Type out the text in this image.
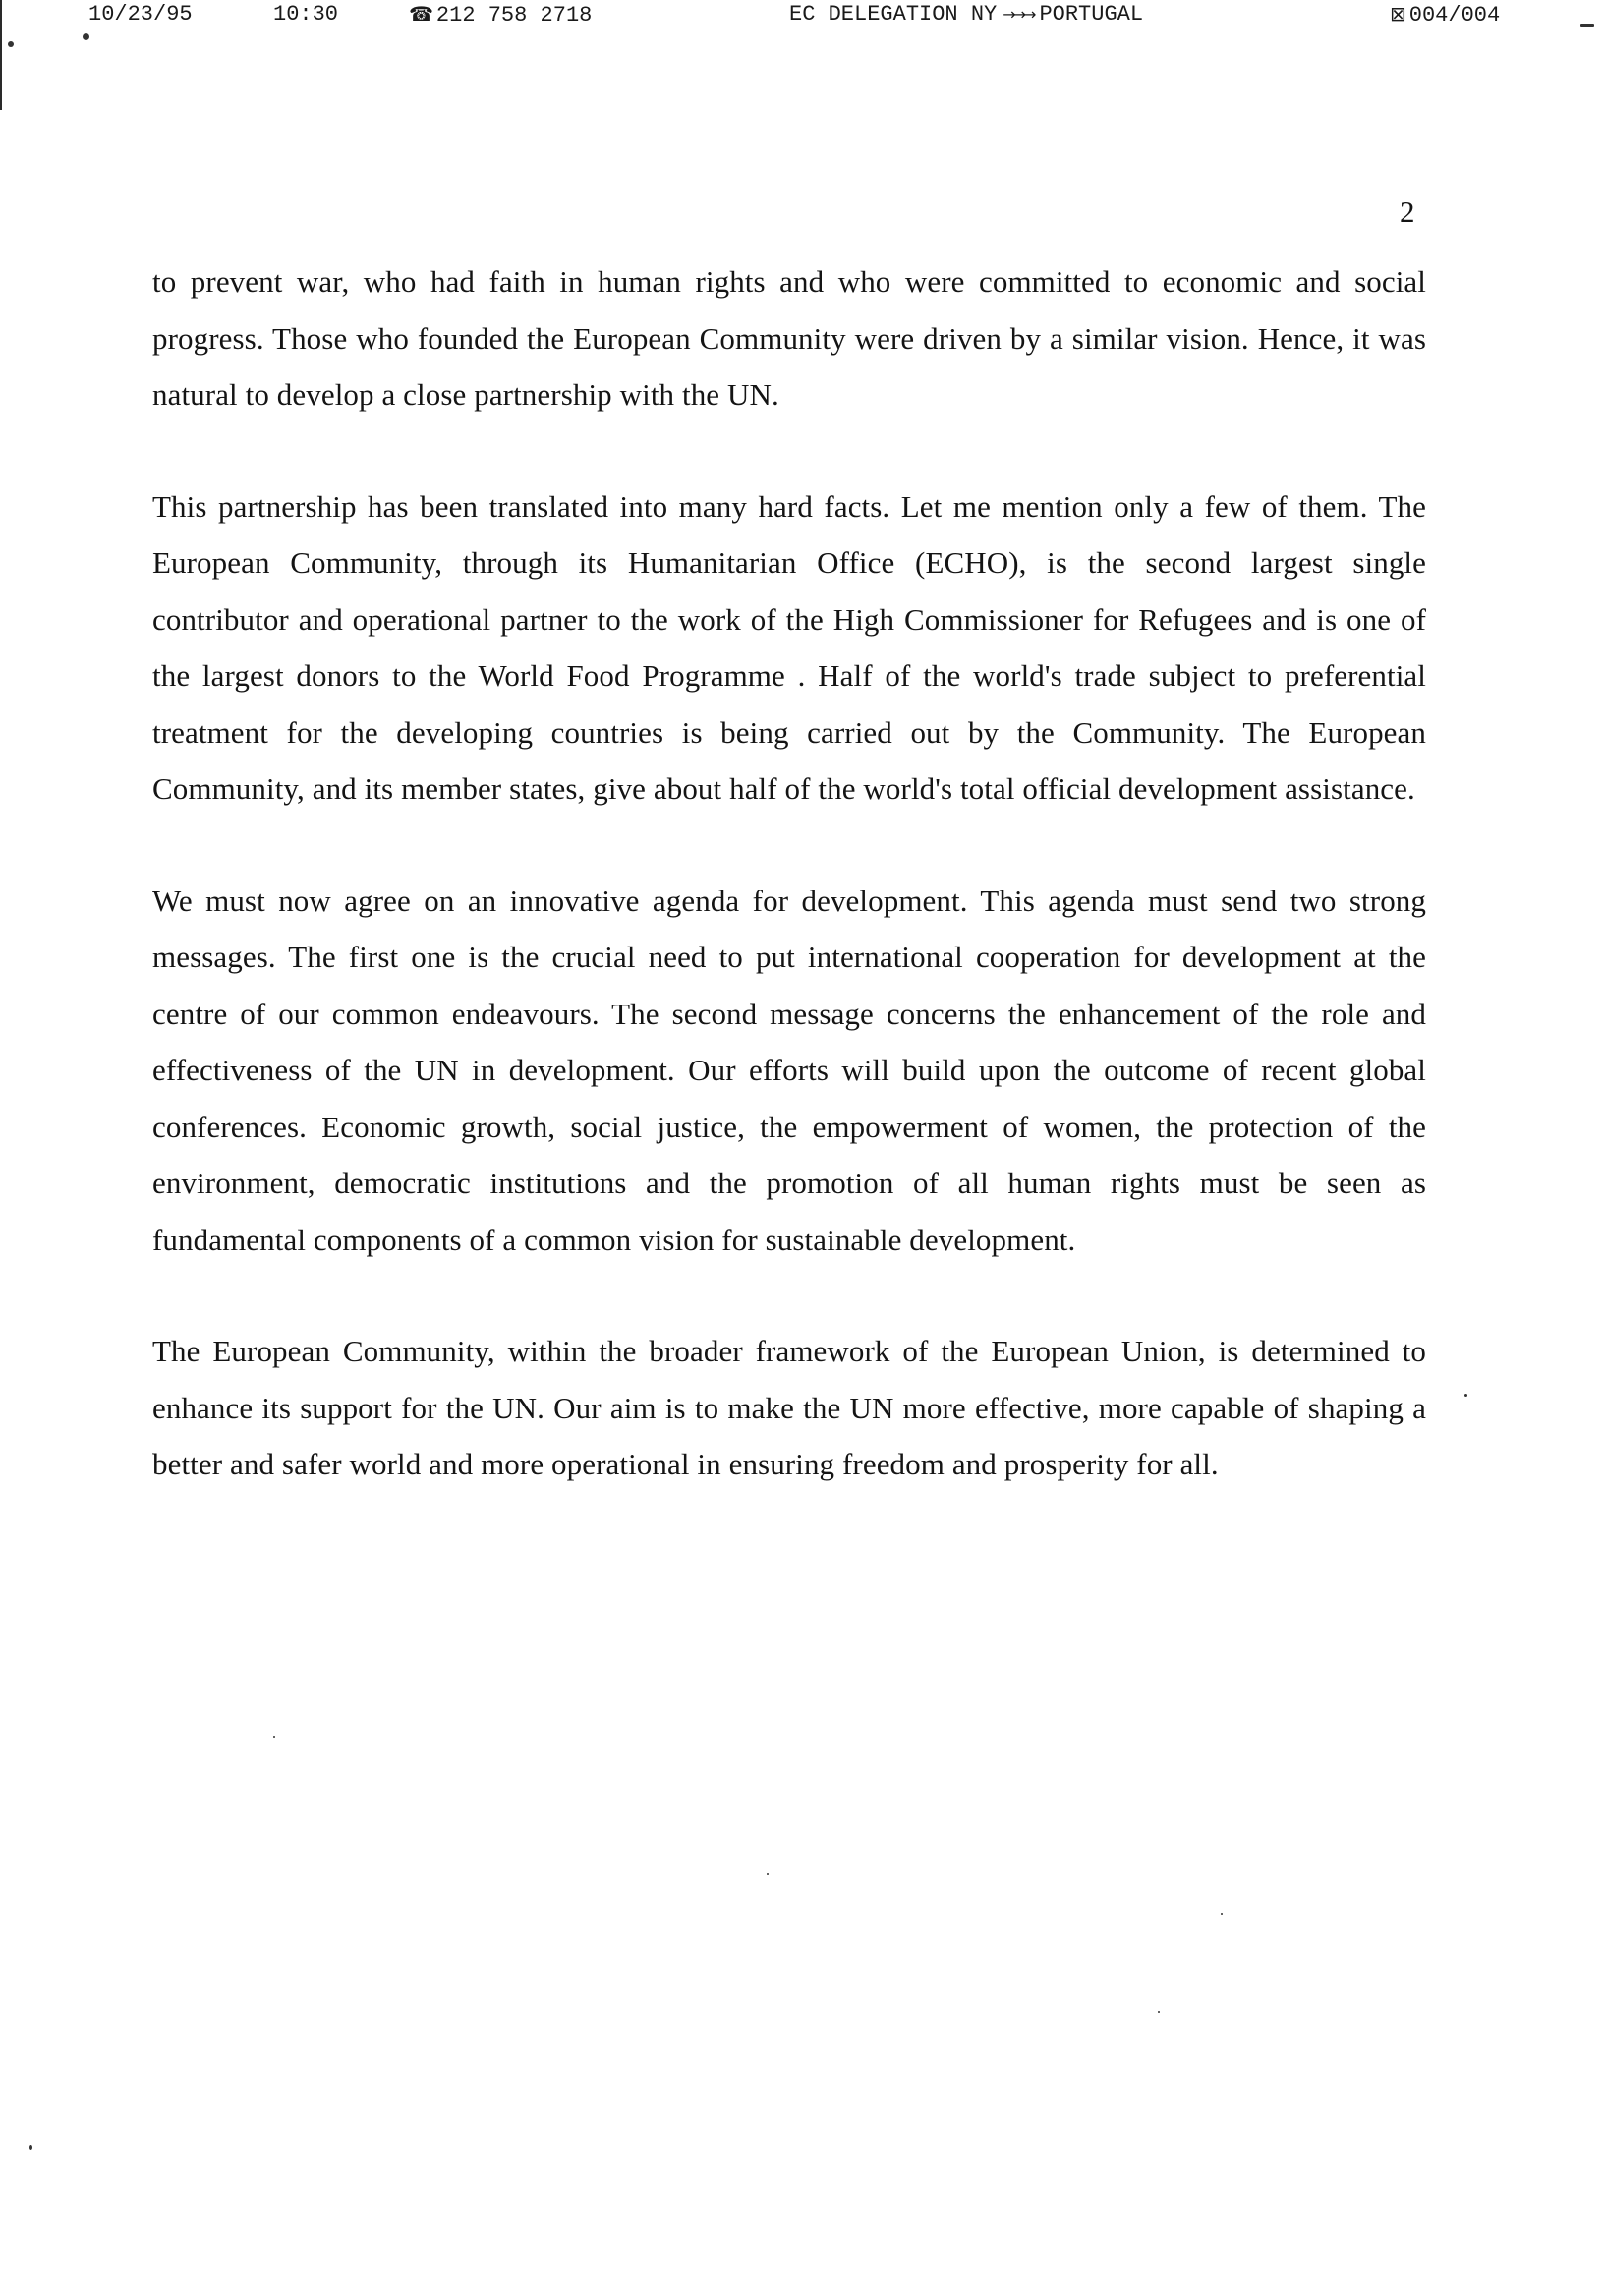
10/23/95	10:30	☎ 212 758 2718	EC DELEGATION NY →→→ PORTUGAL	⊠ 004/004
2

to prevent war, who had faith in human rights and who were committed to economic and social progress. Those who founded the European Community were driven by a similar vision. Hence, it was natural to develop a close partnership with the UN.

This partnership has been translated into many hard facts. Let me mention only a few of them. The European Community, through its Humanitarian Office (ECHO), is the second largest single contributor and operational partner to the work of the High Commissioner for Refugees and is one of the largest donors to the World Food Programme . Half of the world's trade subject to preferential treatment for the developing countries is being carried out by the Community. The European Community, and its member states, give about half of the world's total official development assistance.

We must now agree on an innovative agenda for development. This agenda must send two strong messages. The first one is the crucial need to put international cooperation for development at the centre of our common endeavours. The second message concerns the enhancement of the role and effectiveness of the UN in development. Our efforts will build upon the outcome of recent global conferences. Economic growth, social justice, the empowerment of women, the protection of the environment, democratic institutions and the promotion of all human rights must be seen as fundamental components of a common vision for sustainable development.

The European Community, within the broader framework of the European Union, is determined to enhance its support for the UN. Our aim is to make the UN more effective, more capable of shaping a better and safer world and more operational in ensuring freedom and prosperity for all.
